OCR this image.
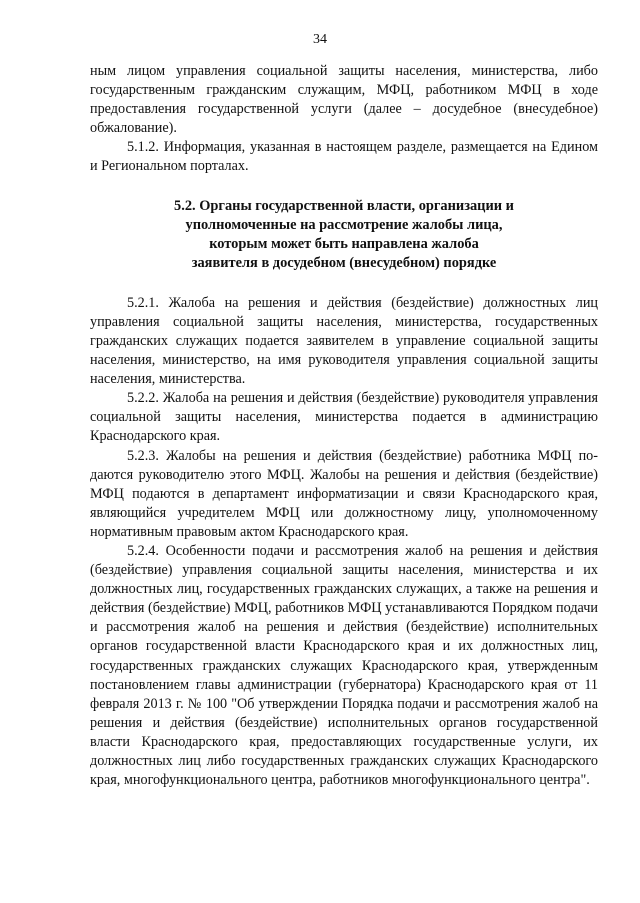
34

ным лицом управления социальной защиты населения, министерства, либо государственным гражданским служащим, МФЦ, работником МФЦ в ходе предоставления государственной услуги (далее – досудебное (внесудебное) обжалование).

5.1.2. Информация, указанная в настоящем разделе, размещается на Едином и Региональном порталах.

5.2. Органы государственной власти, организации и
уполномоченные на рассмотрение жалобы лица,
которым может быть направлена жалоба
заявителя в досудебном (внесудебном) порядке

5.2.1. Жалоба на решения и действия (бездействие) должностных лиц управления социальной защиты населения, министерства, государственных гражданских служащих подается заявителем в управление социальной защиты населения, министерство, на имя руководителя управления социальной защиты населения, министерства.

5.2.2. Жалоба на решения и действия (бездействие) руководителя управления социальной защиты населения, министерства подается в администрацию Краснодарского края.

5.2.3. Жалобы на решения и действия (бездействие) работника МФЦ подаются руководителю этого МФЦ. Жалобы на решения и действия (бездействие) МФЦ подаются в департамент информатизации и связи Краснодарского края, являющийся учредителем МФЦ или должностному лицу, уполномоченному нормативным правовым актом Краснодарского края.

5.2.4. Особенности подачи и рассмотрения жалоб на решения и действия (бездействие) управления социальной защиты населения, министерства и их должностных лиц, государственных гражданских служащих, а также на решения и действия (бездействие) МФЦ, работников МФЦ устанавливаются Порядком подачи и рассмотрения жалоб на решения и действия (бездействие) исполнительных органов государственной власти Краснодарского края и их должностных лиц, государственных гражданских служащих Краснодарского края, утвержденным постановлением главы администрации (губернатора) Краснодарского края от 11 февраля 2013 г. № 100 "Об утверждении Порядка подачи и рассмотрения жалоб на решения и действия (бездействие) исполнительных органов государственной власти Краснодарского края, предоставляющих государственные услуги, их должностных лиц либо государственных гражданских служащих Краснодарского края, многофункционального центра, работников многофункционального центра".
